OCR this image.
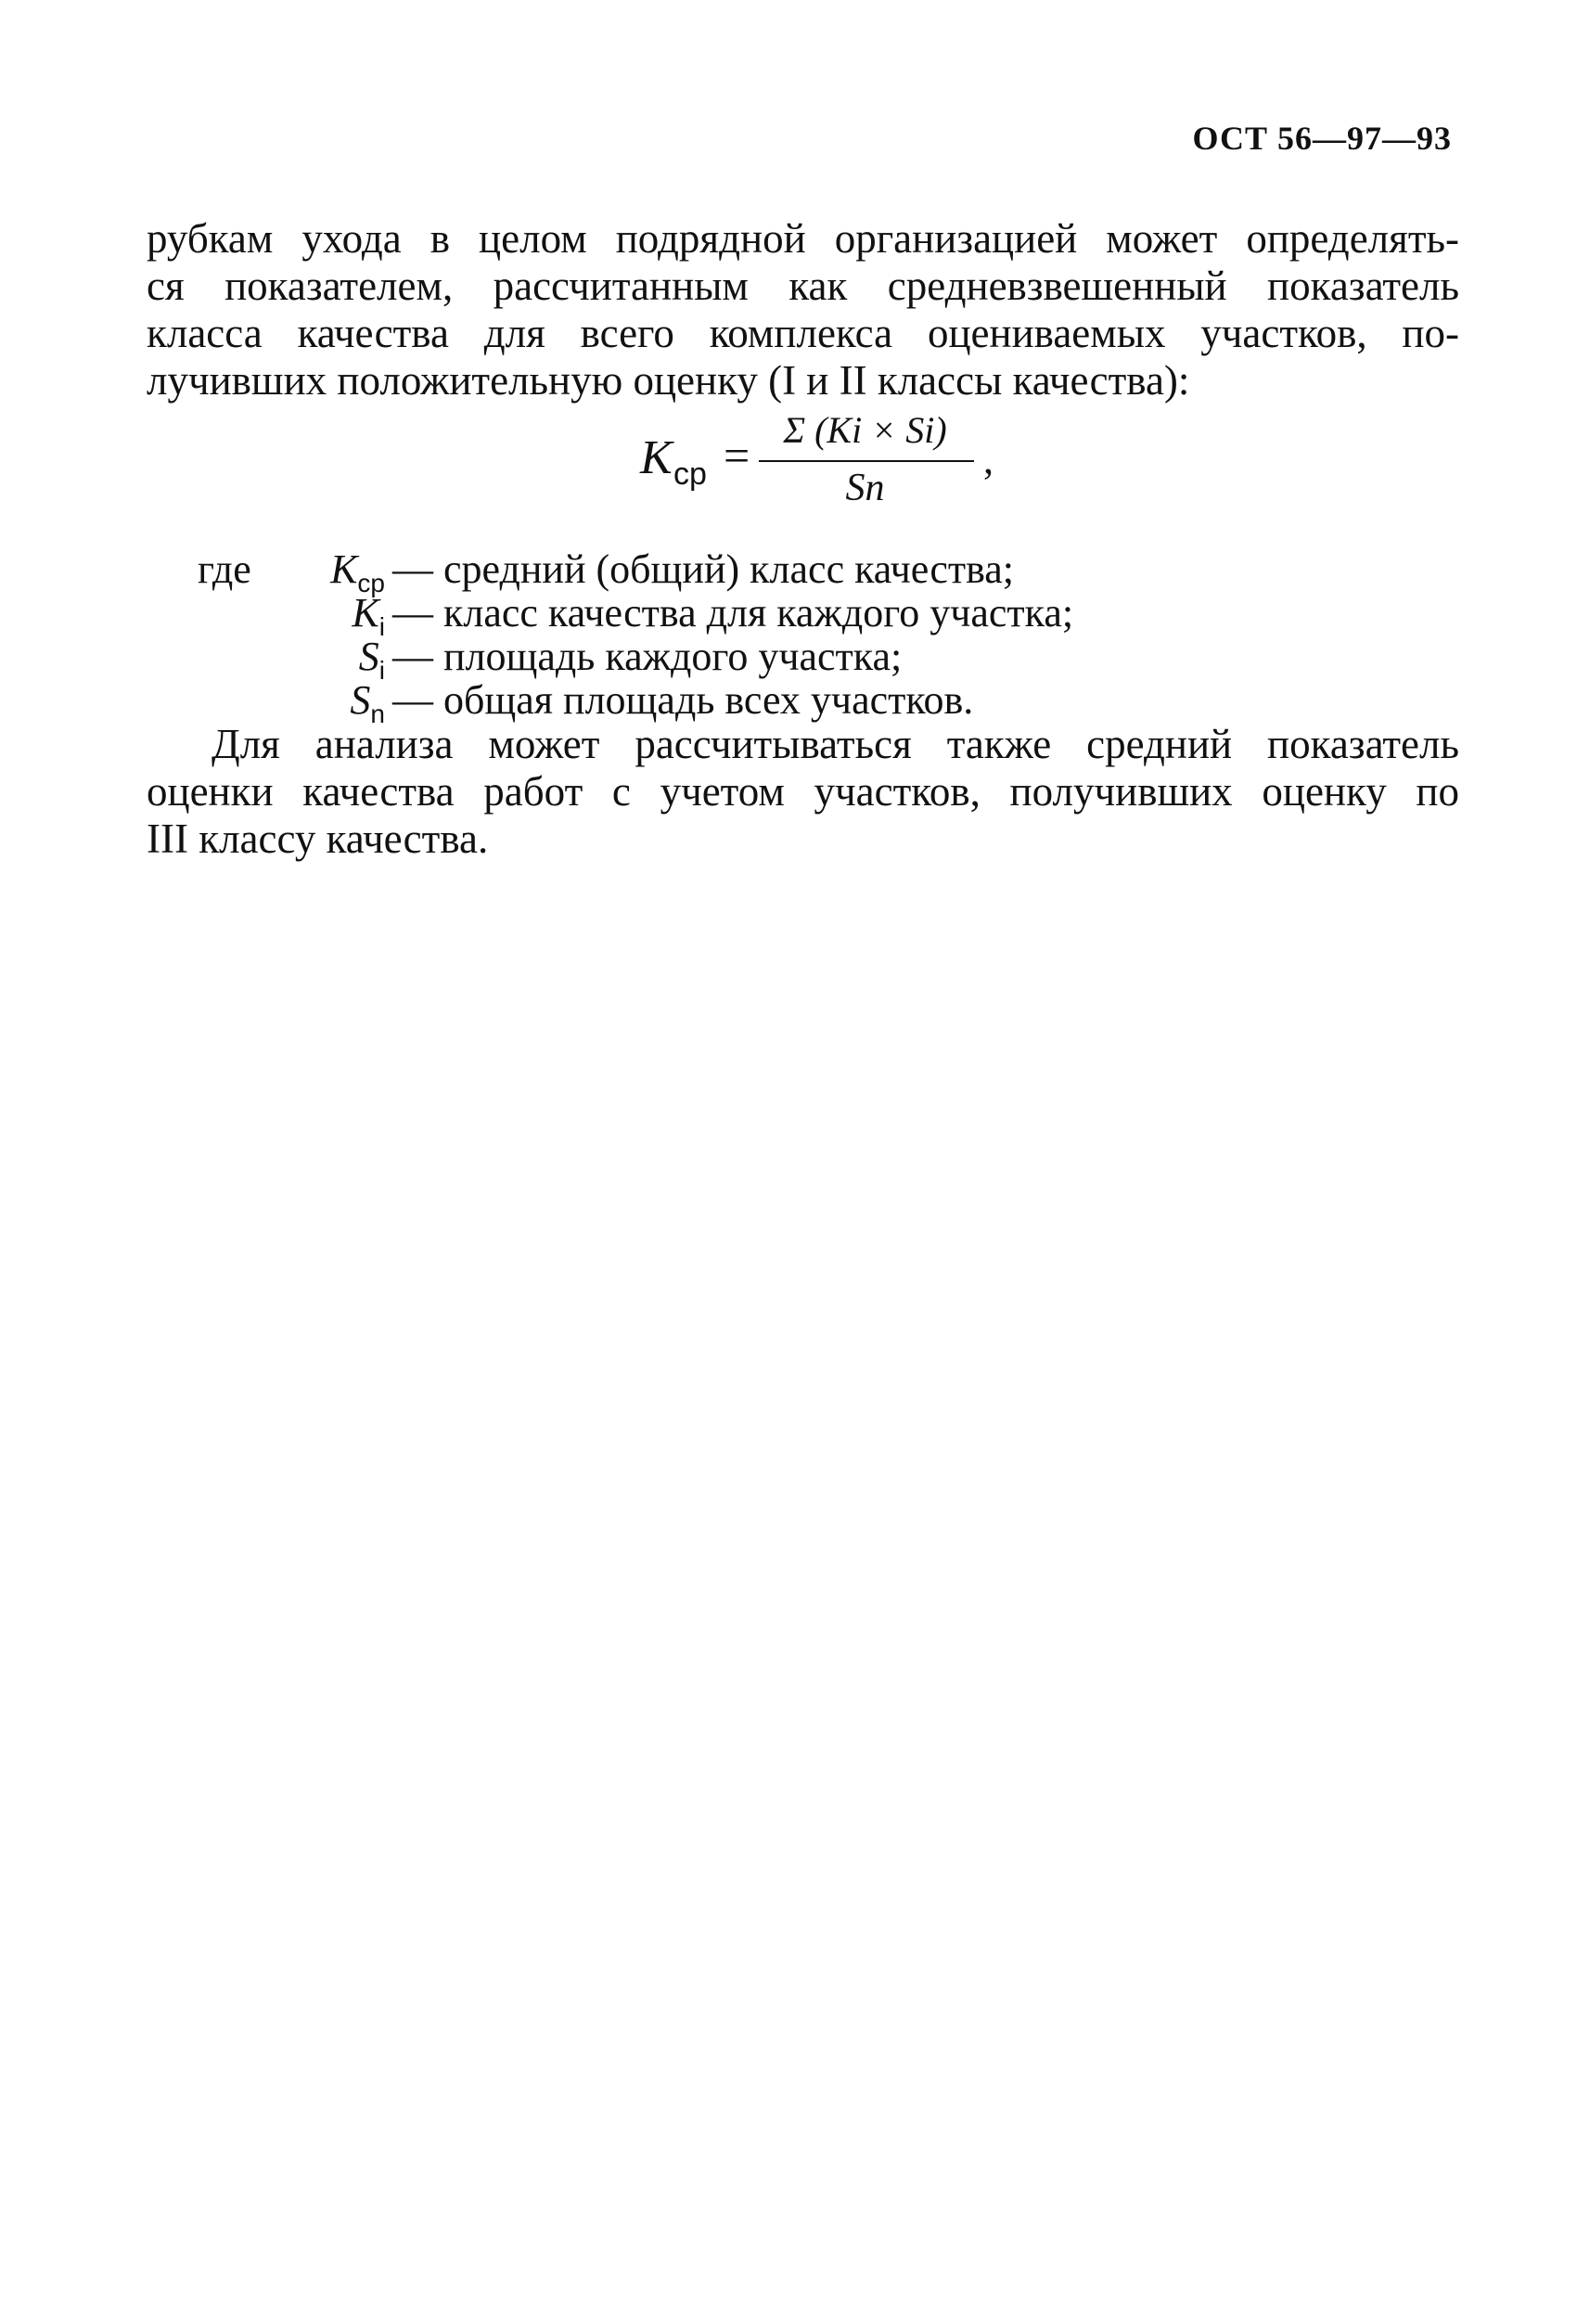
ОСТ 56—97—93
рубкам ухода в целом подрядной организацией может определять-
ся показателем, рассчитанным как средневзвешенный показатель
класса качества для всего комплекса оцениваемых участков, по-
лучивших положительную оценку (I и II классы качества):
K ср = Σ (Ki × Si)
Sn
,
где	$K_{ср}$ — средний (общий) класс качества;
$K_i$ — класс качества для каждого участка;
$S_i$ — площадь каждого участка;
$S_n$ — общая площадь всех участков.
Для анализа может рассчитываться также средний показатель
оценки качества работ с учетом участков, получивших оценку по
III классу качества.
